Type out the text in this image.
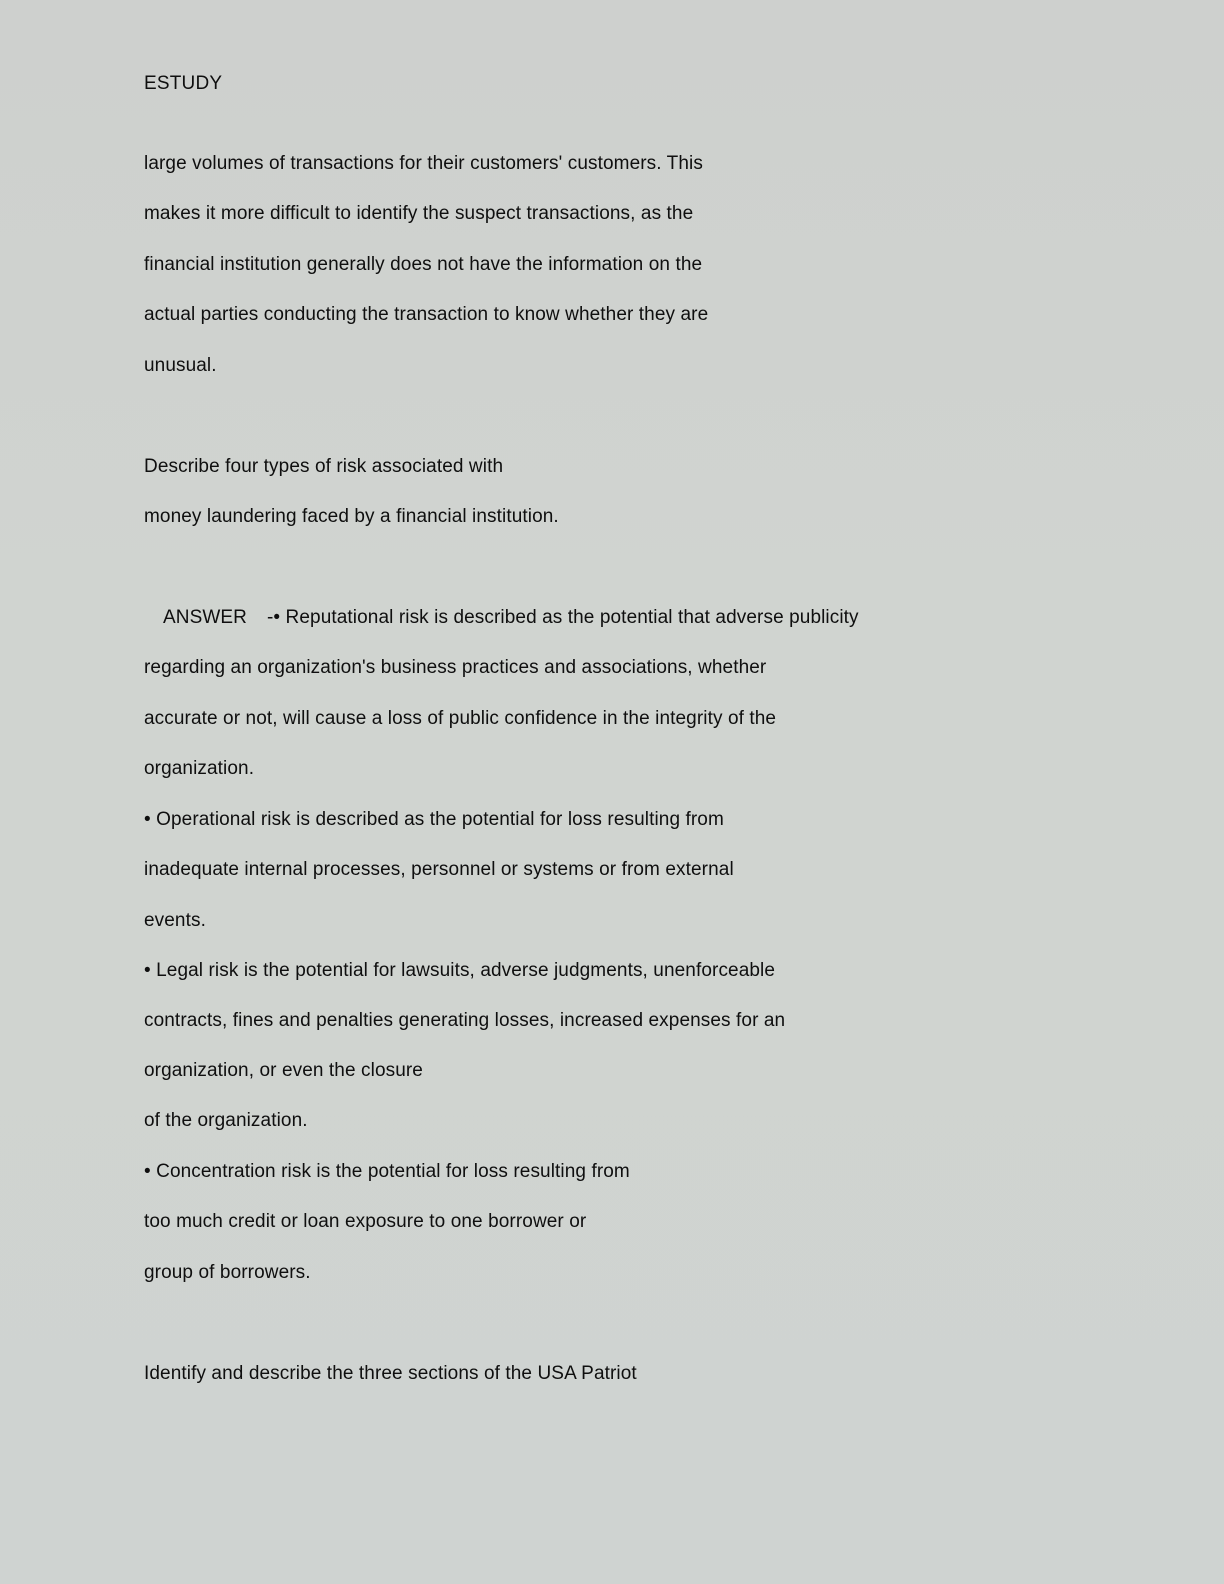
ESTUDY
large volumes of transactions for their customers' customers. This
makes it more difficult to identify the suspect transactions, as the
financial institution generally does not have the information on the
actual parties conducting the transaction to know whether they are
unusual.
Describe four types of risk associated with
money laundering faced by a financial institution.
ANSWER -• Reputational risk is described as the potential that adverse publicity
regarding an organization's business practices and associations, whether
accurate or not, will cause a loss of public confidence in the integrity of the
organization.
• Operational risk is described as the potential for loss resulting from
inadequate internal processes, personnel or systems or from external
events.
• Legal risk is the potential for lawsuits, adverse judgments, unenforceable
contracts, fines and penalties generating losses, increased expenses for an
organization, or even the closure
of the organization.
• Concentration risk is the potential for loss resulting from
too much credit or loan exposure to one borrower or
group of borrowers.
Identify and describe the three sections of the USA Patriot
